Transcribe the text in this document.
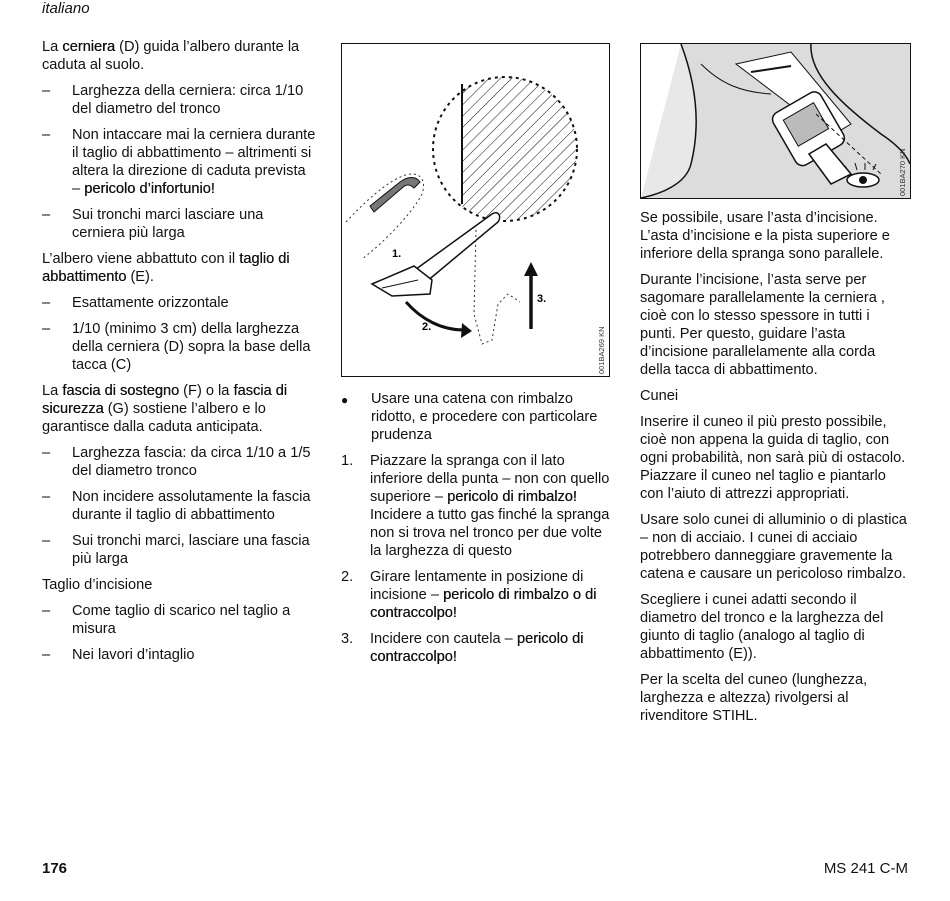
italiano

La cerniera (D) guida l’albero durante la caduta al suolo.

– Larghezza della cerniera: circa 1/10 del diametro del tronco
– Non intaccare mai la cerniera durante il taglio di abbattimento – altrimenti si altera la direzione di caduta prevista – pericolo d’infortunio!
– Sui tronchi marci lasciare una cerniera più larga

L’albero viene abbattuto con il taglio di abbattimento (E).

– Esattamente orizzontale
– 1/10 (minimo 3 cm) della larghezza della cerniera (D) sopra la base della tacca (C)

La fascia di sostegno (F) o la fascia di sicurezza (G) sostiene l’albero e lo garantisce dalla caduta anticipata.

– Larghezza fascia: da circa 1/10 a 1/5 del diametro tronco
– Non incidere assolutamente la fascia durante il taglio di abbattimento
– Sui tronchi marci, lasciare una fascia più larga
Taglio d’incisione
– Come taglio di scarico nel taglio a misura
– Nei lavori d’intaglio
1.
2.
3.
001BA269 KN
● Usare una catena con rimbalzo ridotto, e procedere con particolare prudenza
1. Piazzare la spranga con il lato inferiore della punta – non con quello superiore – pericolo di rimbalzo! Incidere a tutto gas finché la spranga non si trova nel tronco per due volte la larghezza di questo
2. Girare lentamente in posizione di incisione – pericolo di rimbalzo o di contraccolpo!
3. Incidere con cautela – pericolo di contraccolpo!
001BA270 KN

Se possibile, usare l’asta d’incisione. L’asta d’incisione e la pista superiore e inferiore della spranga sono parallele.

Durante l’incisione, l’asta serve per sagomare parallelamente la cerniera , cioè con lo stesso spessore in tutti i punti. Per questo, guidare l’asta d’incisione parallelamente alla corda della tacca di abbattimento.

Cunei

Inserire il cuneo il più presto possibile, cioè non appena la guida di taglio, con ogni probabilità, non sarà più di ostacolo. Piazzare il cuneo nel taglio e piantarlo con l’aiuto di attrezzi appropriati.

Usare solo cunei di alluminio o di plastica – non di acciaio. I cunei di acciaio potrebbero danneggiare gravemente la catena e causare un pericoloso rimbalzo.

Scegliere i cunei adatti secondo il diametro del tronco e la larghezza del giunto di taglio (analogo al taglio di abbattimento (E)).

Per la scelta del cuneo (lunghezza, larghezza e altezza) rivolgersi al rivenditore STIHL.

176	MS 241 C-M
